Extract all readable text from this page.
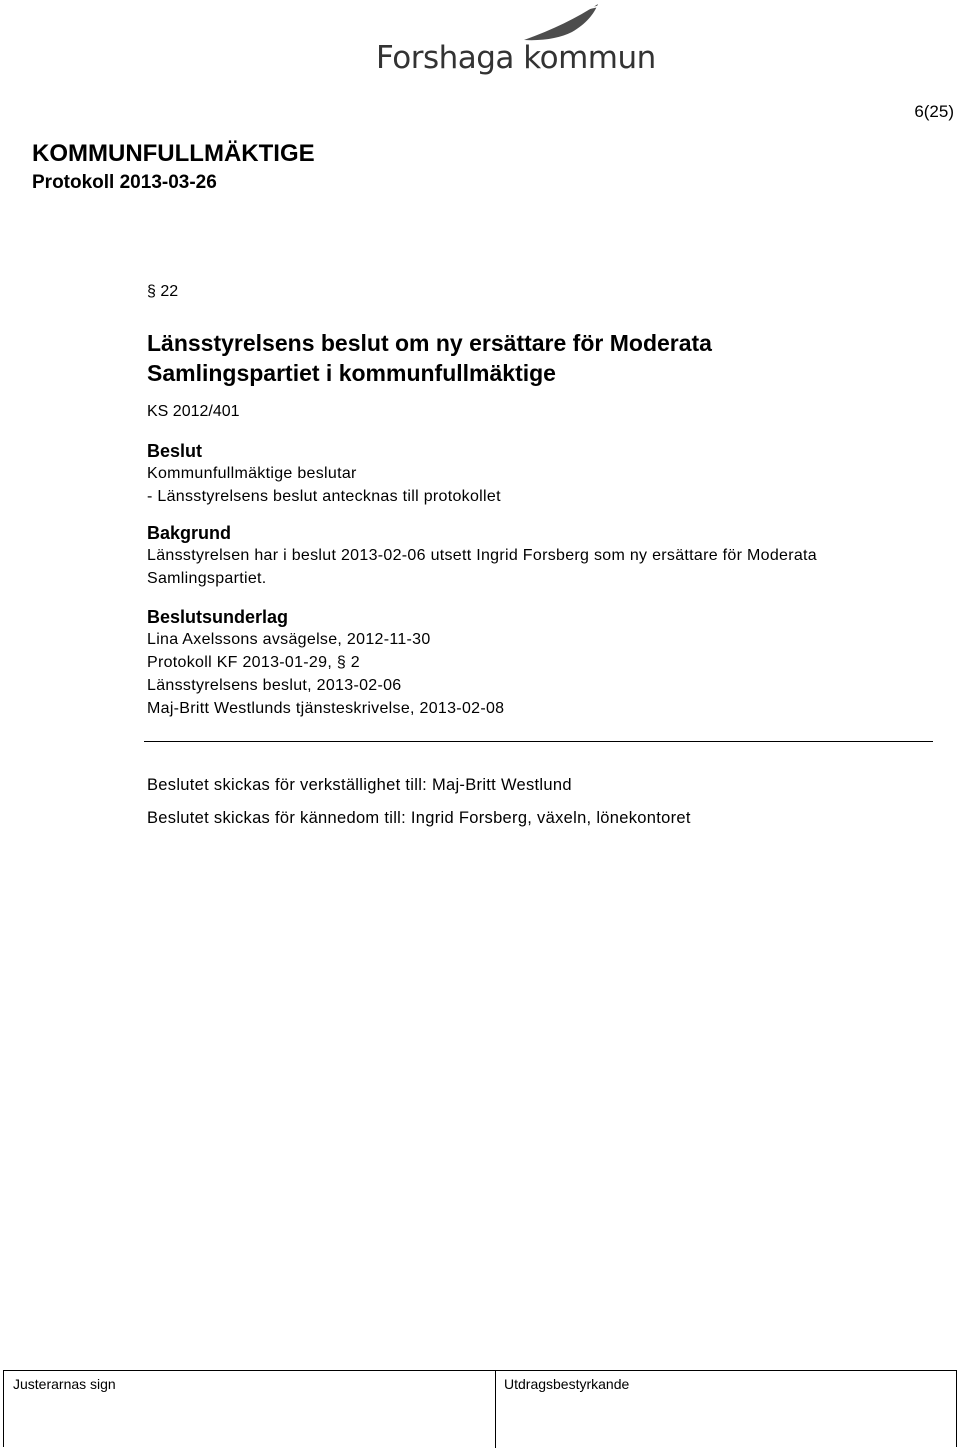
Forshaga kommun
6(25)
KOMMUNFULLMÄKTIGE
Protokoll 2013-03-26

§ 22

Länsstyrelsens beslut om ny ersättare för Moderata
Samlingspartiet i kommunfullmäktige

KS 2012/401

Beslut

Kommunfullmäktige beslutar

- Länsstyrelsens beslut antecknas till protokollet

Bakgrund

Länsstyrelsen har i beslut 2013-02-06 utsett Ingrid Forsberg som ny ersättare för Moderata

Samlingspartiet.

Beslutsunderlag

Lina Axelssons avsägelse, 2012-11-30

Protokoll KF 2013-01-29, § 2

Länsstyrelsens beslut, 2013-02-06

Maj-Britt Westlunds tjänsteskrivelse, 2013-02-08

Beslutet skickas för verkställighet till: Maj-Britt Westlund

Beslutet skickas för kännedom till: Ingrid Forsberg, växeln, lönekontoret

Justerarnas sign	Utdragsbestyrkande
